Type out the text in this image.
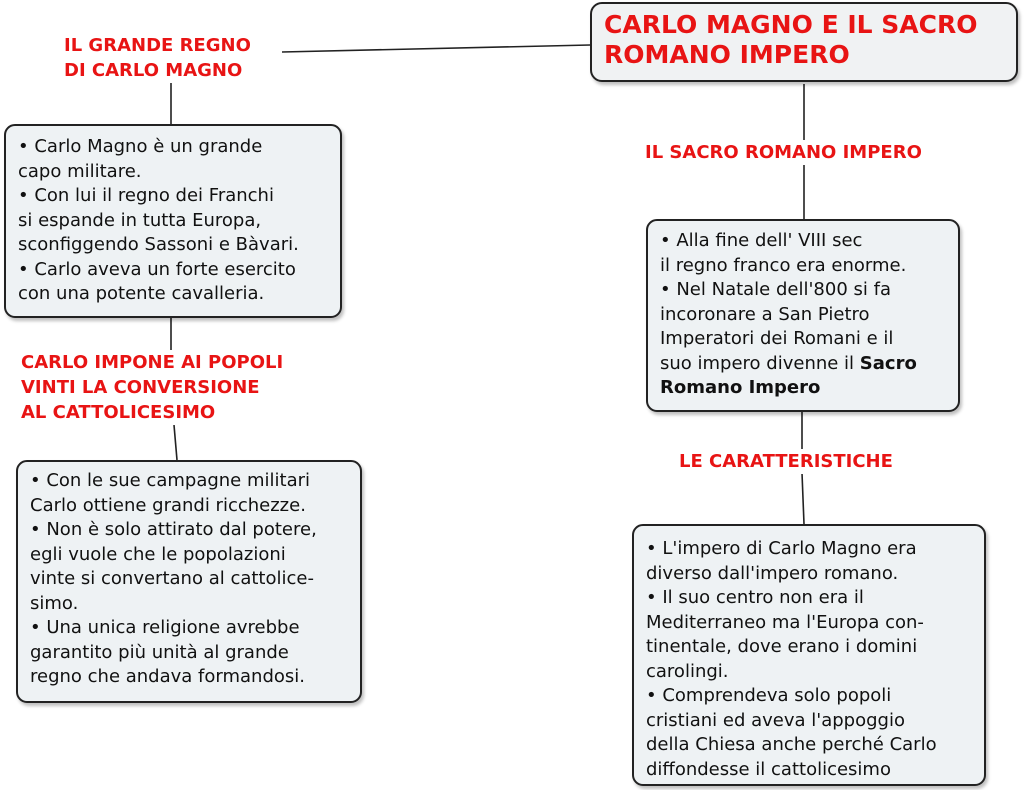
CARLO MAGNO E IL SACRO
ROMANO IMPERO
IL GRANDE REGNO
DI CARLO MAGNO
IL SACRO ROMANO IMPERO
CARLO IMPONE AI POPOLI
VINTI LA CONVERSIONE
AL CATTOLICESIMO
LE CARATTERISTICHE

• Carlo Magno è un grande

capo militare.

• Con lui il regno dei Franchi

si espande in tutta Europa,

sconfiggendo Sassoni e Bàvari.

• Carlo aveva un forte esercito

con una potente cavalleria.

• Alla fine dell' VIII sec

il regno franco era enorme.

• Nel Natale dell'800 si fa

incoronare a San Pietro

Imperatori dei Romani e il

suo impero divenne il Sacro

Romano Impero

• Con le sue campagne militari

Carlo ottiene grandi ricchezze.

• Non è solo attirato dal potere,

egli vuole che le popolazioni

vinte si convertano al cattolice-

simo.

• Una unica religione avrebbe

garantito più unità al grande

regno che andava formandosi.

• L'impero di Carlo Magno era

diverso dall'impero romano.

• Il suo centro non era il

Mediterraneo ma l'Europa con-

tinentale, dove erano i domini

carolingi.

• Comprendeva solo popoli

cristiani ed aveva l'appoggio

della Chiesa anche perché Carlo

diffondesse il cattolicesimo
